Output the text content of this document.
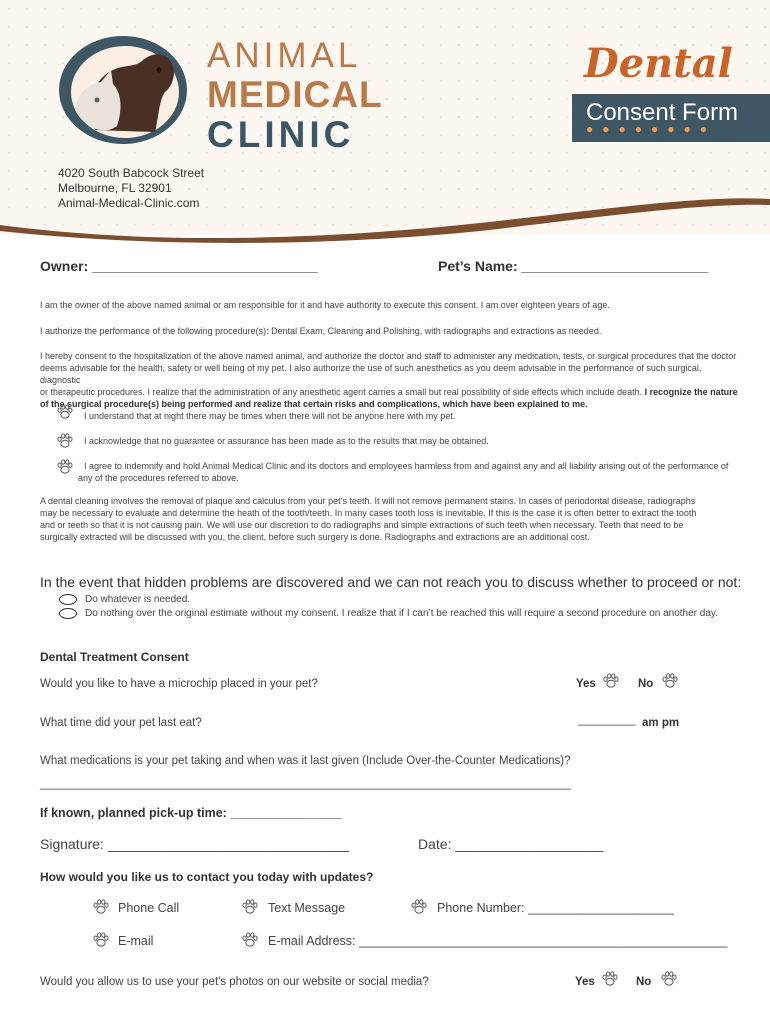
ANIMAL
MEDICAL
CLINIC
Dental
Consent Form
●●●●●●●●
4020 South Babcock Street
Melbourne, FL 32901
Animal-Medical-Clinic.com
Owner: _____________________________	Pet’s Name: ________________________
I am the owner of the above named animal or am responsible for it and have authority to execute this consent. I am over eighteen years of age.
I authorize the performance of the following procedure(s): Dental Exam, Cleaning and Polishing, with radiographs and extractions as needed.
I hereby consent to the hospitalization of the above named animal, and authorize the doctor and staff to administer any medication, tests, or surgical procedures that the doctor
deems advisable for the health, safety or well being of my pet. I also authorize the use of such anesthetics as you deem advisable in the performance of such surgical, diagnostic
or therapeutic procedures. I realize that the administration of any anesthetic agent carries a small but real possibility of side effects which include death. I recognize the nature
of the surgical procedure(s) being performed and realize that certain risks and complications, which have been explained to me.
I understand that at night there may be times when there will not be anyone here with my pet.
I acknowledge that no guarantee or assurance has been made as to the results that may be obtained.
I agree to indemnify and hold Animal Medical Clinic and its doctors and employees harmless from and against any and all liability arising out of the performance of
any of the procedures referred to above.
A dental cleaning involves the removal of plaque and calculus from your pet’s teeth. It will not remove permanent stains. In cases of periodontal disease, radiographs
may be necessary to evaluate and determine the heath of the tooth/teeth. In many cases tooth loss is inevitable. If this is the case it is often better to extract the tooth
and or teeth so that it is not causing pain. We will use our discretion to do radiographs and simple extractions of such teeth when necessary. Teeth that need to be
surgically extracted will be discussed with you, the client, before such surgery is done. Radiographs and extractions are an additional cost.
In the event that hidden problems are discovered and we can not reach you to discuss whether to proceed or not:
Do whatever is needed.
Do nothing over the original estimate without my consent. I realize that if I can’t be reached this will require a second procedure on another day.
Dental Treatment Consent
Would you like to have a microchip placed in your pet?	Yes	No
What time did your pet last eat?	_________ am pm
What medications is your pet taking and when was it last given (Include Over-the-Counter Medications)?
___________________________________________________________________________________
If known, planned pick-up time: ________________
Signature: _______________________________	Date: ___________________
How would you like us to contact you today with updates?
Phone Call	Text Message	Phone Number: _____________________
E-mail	E-mail Address: _____________________________________________________
Would you allow us to use your pet's photos on our website or social media?	Yes	No
